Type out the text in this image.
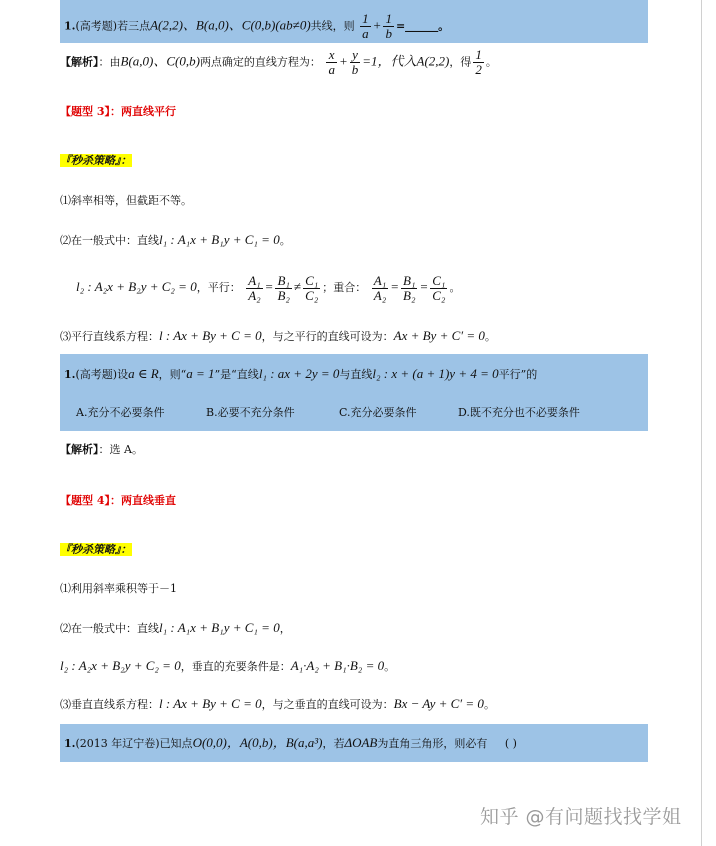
1.(高考题)若三点A(2,2)、B(a,0)、C(0,b)(ab≠0)共线，则 $\frac{1}{a} + \frac{1}{b}$ =______。
【解析】：由B(a,0)、C(0,b)两点确定的直线方程为： $\frac{x}{a} + \frac{y}{b} =1$，代入A(2,2)，得 $\frac{1}{2}$ 。
【题型 3】：两直线平行
『秒杀策略』：
⑴斜率相等，但截距不等。
⑵在一般式中：直线l₁ : A₁x + B₁y + C₁ = 0。
l₂ : A₂x + B₂y + C₂ = 0，平行： $\frac{\text{A₁}}{\text{A₂}} = \frac{\text{B₁}}{\text{B₂}} \ne \frac{\text{C₁}}{\text{C₂}}$ ；重合： $\frac{\text{A₁}}{\text{A₂}} = \frac{\text{B₁}}{\text{B₂}} = \frac{\text{C₁}}{\text{C₂}}$ 。
⑶平行直线系方程：l : Ax + By + C = 0，与之平行的直线可设为：Ax + By + C′ = 0。
1.(高考题)设a ∈ R，则“a = 1”是“直线l₁ : ax + 2y = 0与直线l₂ : x + (a + 1)y + 4 = 0平行”的
A.充分不必要条件	B.必要不充分条件	C.充分必要条件	D.既不充分也不必要条件
【解析】：选 A。
【题型 4】：两直线垂直
『秒杀策略』：
⑴利用斜率乘积等于－1
⑵在一般式中：直线l₁ : A₁x + B₁y + C₁ = 0，
l₂ : A₂x + B₂y + C₂ = 0，垂直的充要条件是：A₁·A₂ + B₁·B₂ = 0。
⑶垂直直线系方程：l : Ax + By + C = 0，与之垂直的直线可设为：Bx − Ay + C′ = 0。
1.(2013 年辽宁卷)已知点O(0,0)，A(0,b)，B(a,a³)，若ΔOAB为直角三角形，则必有 ( )
知乎 @有问题找找学姐
